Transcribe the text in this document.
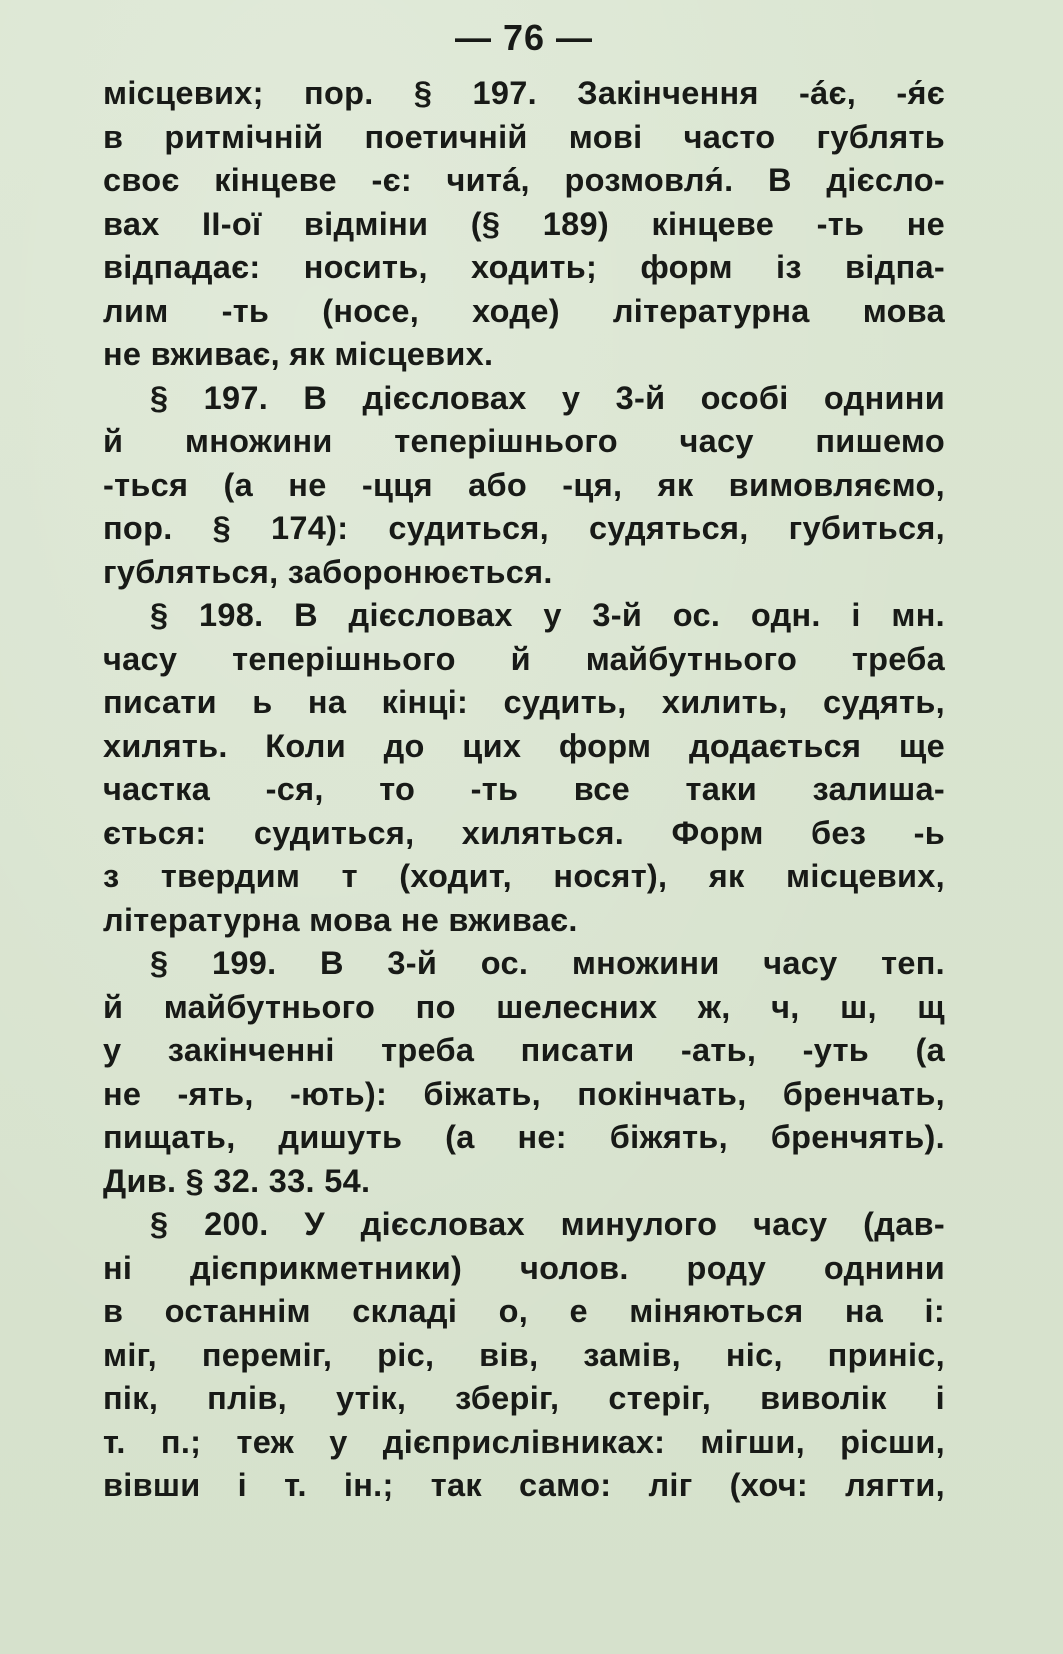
— 76 —
місцевих; пор. § 197. Закінчення -áє, -я́є
в ритмічній поетичній мові часто гублять
своє кінцеве -є: читá, розмовля́. В дієсло-
вах ІІ-ої відміни (§ 189) кінцеве -ть не
відпадає: носить, ходить; форм із відпа-
лим -ть (носе, ходе) літературна мова
не вживає, як місцевих.
§ 197. В дієсловах у 3-й особі однини
й множини теперішнього часу пишемо
-ться (а не -цця або -ця, як вимовляємо,
пор. § 174): судиться, судяться, губиться,
губляться, заборонюється.
§ 198. В дієсловах у 3-й ос. одн. і мн.
часу теперішнього й майбутнього треба
писати ь на кінці: судить, хилить, судять,
хилять. Коли до цих форм додається ще
частка -ся, то -ть все таки залиша-
ється: судиться, хиляться. Форм без -ь
з твердим т (ходит, носят), як місцевих,
літературна мова не вживає.
§ 199. В 3-й ос. множини часу теп.
й майбутнього по шелесних ж, ч, ш, щ
у закінченні треба писати -ать, -уть (а
не -ять, -ють): біжать, покінчать, бренчать,
пищать, дишуть (а не: біжять, бренчять).
Див. § 32. 33. 54.
§ 200. У дієсловах минулого часу (дав-
ні дієприкметники) чолов. роду однини
в останнім складі о, е міняються на і:
міг, переміг, ріс, вів, замів, ніс, приніс,
пік, плів, утік, зберіг, стеріг, виволік і
т. п.; теж у дієприслівниках: мігши, рісши,
вівши і т. ін.; так само: ліг (хоч: лягти,
